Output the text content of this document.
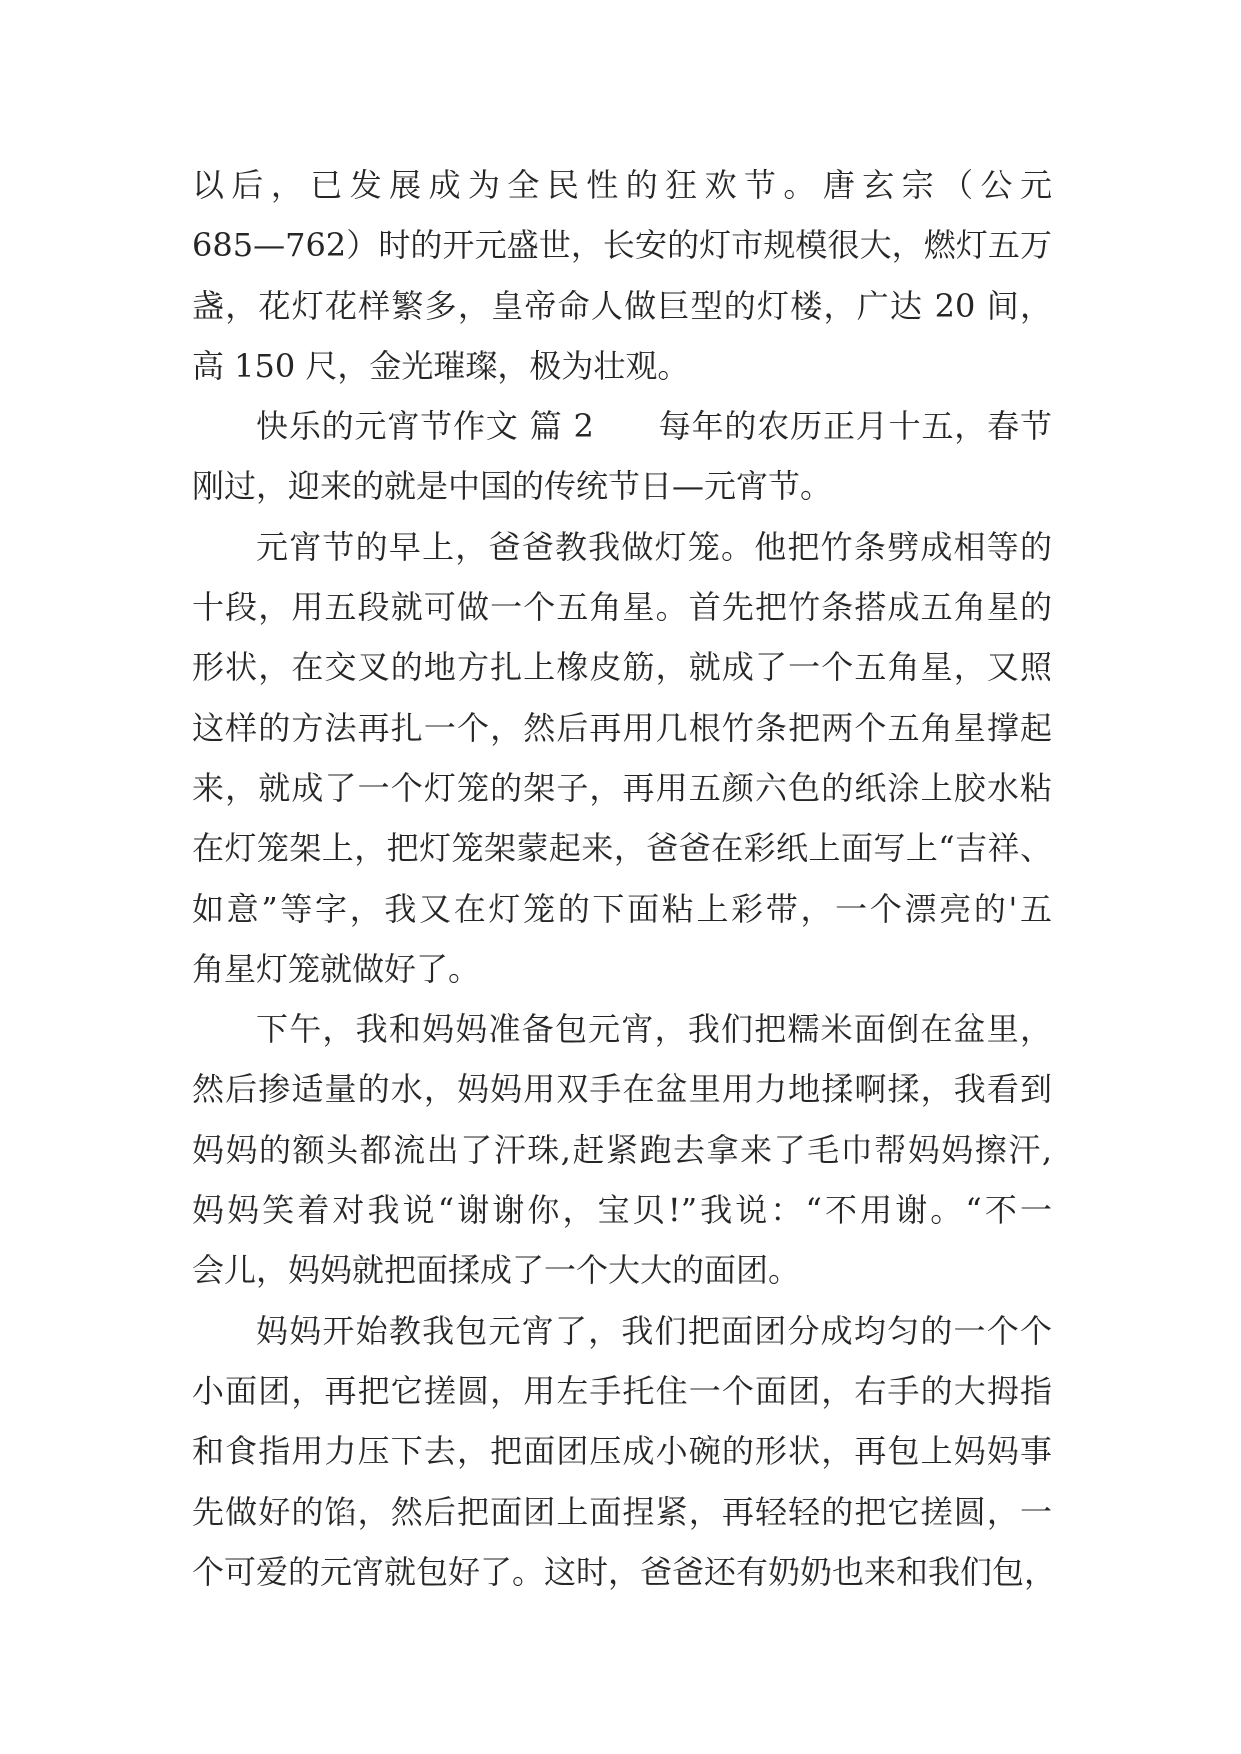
以后，已发展成为全民性的狂欢节。唐玄宗（公元
685—762）时的开元盛世，长安的灯市规模很大，燃灯五万
盏，花灯花样繁多，皇帝命人做巨型的灯楼，广达 20 间，
高 150 尺，金光璀璨，极为壮观。
快乐的元宵节作文 篇 2 每年的农历正月十五，春节
刚过，迎来的就是中国的传统节日—元宵节。
元宵节的早上，爸爸教我做灯笼。他把竹条劈成相等的
十段，用五段就可做一个五角星。首先把竹条搭成五角星的
形状，在交叉的地方扎上橡皮筋，就成了一个五角星，又照
这样的方法再扎一个，然后再用几根竹条把两个五角星撑起
来，就成了一个灯笼的架子，再用五颜六色的纸涂上胶水粘
在灯笼架上，把灯笼架蒙起来，爸爸在彩纸上面写上“吉祥、
如意”等字，我又在灯笼的下面粘上彩带，一个漂亮的'五
角星灯笼就做好了。
下午，我和妈妈准备包元宵，我们把糯米面倒在盆里，
然后掺适量的水，妈妈用双手在盆里用力地揉啊揉，我看到
妈妈的额头都流出了汗珠,赶紧跑去拿来了毛巾帮妈妈擦汗,
妈妈笑着对我说“谢谢你，宝贝!”我说：“不用谢。“不一
会儿，妈妈就把面揉成了一个大大的面团。
妈妈开始教我包元宵了，我们把面团分成均匀的一个个
小面团，再把它搓圆，用左手托住一个面团，右手的大拇指
和食指用力压下去，把面团压成小碗的形状，再包上妈妈事
先做好的馅，然后把面团上面捏紧，再轻轻的把它搓圆，一
个可爱的元宵就包好了。这时，爸爸还有奶奶也来和我们包，
